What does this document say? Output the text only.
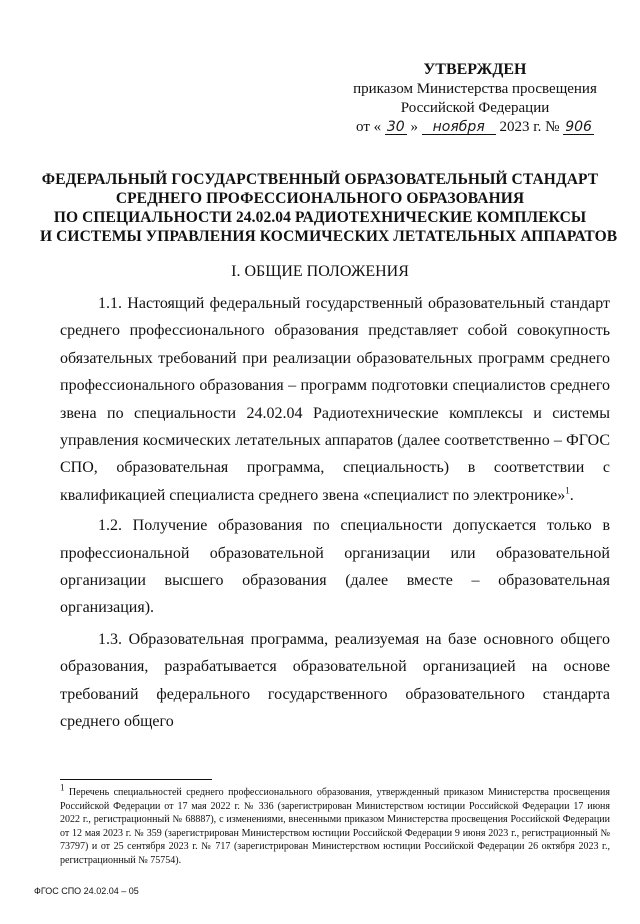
УТВЕРЖДЕН
приказом Министерства просвещения
Российской Федерации
от « 30 » ноября 2023 г. № 906
ФЕДЕРАЛЬНЫЙ ГОСУДАРСТВЕННЫЙ ОБРАЗОВАТЕЛЬНЫЙ СТАНДАРТ
СРЕДНЕГО ПРОФЕССИОНАЛЬНОГО ОБРАЗОВАНИЯ
ПО СПЕЦИАЛЬНОСТИ 24.02.04 РАДИОТЕХНИЧЕСКИЕ КОМПЛЕКСЫ
И СИСТЕМЫ УПРАВЛЕНИЯ КОСМИЧЕСКИХ ЛЕТАТЕЛЬНЫХ АППАРАТОВ
I. ОБЩИЕ ПОЛОЖЕНИЯ

1.1. Настоящий федеральный государственный образовательный стандарт среднего профессионального образования представляет собой совокупность обязательных требований при реализации образовательных программ среднего профессионального образования – программ подготовки специалистов среднего звена по специальности 24.02.04 Радиотехнические комплексы и системы управления космических летательных аппаратов (далее соответственно – ФГОС СПО, образовательная программа, специальность) в соответствии с квалификацией специалиста среднего звена «специалист по электронике»$^1$.

1.2. Получение образования по специальности допускается только в профессиональной образовательной организации или образовательной организации высшего образования (далее вместе – образовательная организация).

1.3. Образовательная программа, реализуемая на базе основного общего образования, разрабатывается образовательной организацией на основе требований федерального государственного образовательного стандарта среднего общего

$^1$ Перечень специальностей среднего профессионального образования, утвержденный приказом Министерства просвещения Российской Федерации от 17 мая 2022 г. № 336 (зарегистрирован Министерством юстиции Российской Федерации 17 июня 2022 г., регистрационный № 68887), с изменениями, внесенными приказом Министерства просвещения Российской Федерации от 12 мая 2023 г. № 359 (зарегистрирован Министерством юстиции Российской Федерации 9 июня 2023 г., регистрационный № 73797) и от 25 сентября 2023 г. № 717 (зарегистрирован Министерством юстиции Российской Федерации 26 октября 2023 г., регистрационный № 75754).
ФГОС СПО 24.02.04 – 05
